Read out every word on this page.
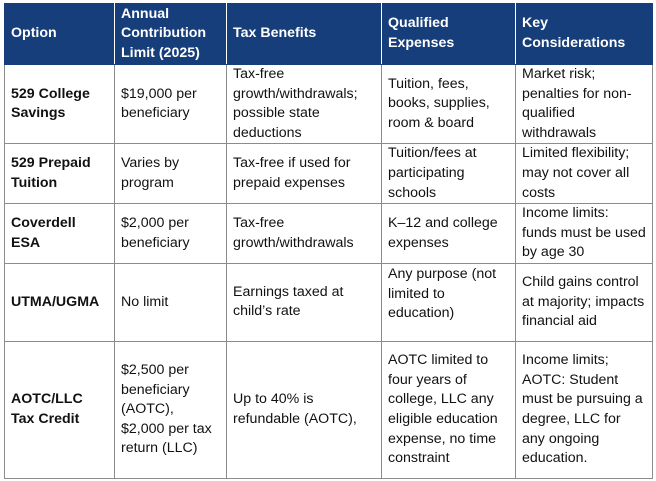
Option	Annual Contribution Limit (2025)	Tax Benefits	Qualified Expenses	Key Considerations
529 College Savings	$19,000 per beneficiary	Tax-free growth/withdrawals; possible state deductions	Tuition, fees, books, supplies, room & board	Market risk; penalties for non-qualified withdrawals
529 Prepaid Tuition	Varies by program	Tax-free if used for prepaid expenses	Tuition/fees at participating schools	Limited flexibility; may not cover all costs
Coverdell ESA	$2,000 per beneficiary	Tax-free growth/withdrawals	K–12 and college expenses	Income limits: funds must be used by age 30
UTMA/UGMA	No limit	Earnings taxed at child’s rate	Any purpose (not limited to education)	Child gains control at majority; impacts financial aid
AOTC/LLC Tax Credit	$2,500 per beneficiary (AOTC), $2,000 per tax return (LLC)	Up to 40% is refundable (AOTC),	AOTC limited to four years of college, LLC any eligible education expense, no time constraint	Income limits; AOTC: Student must be pursuing a degree, LLC for any ongoing education.
